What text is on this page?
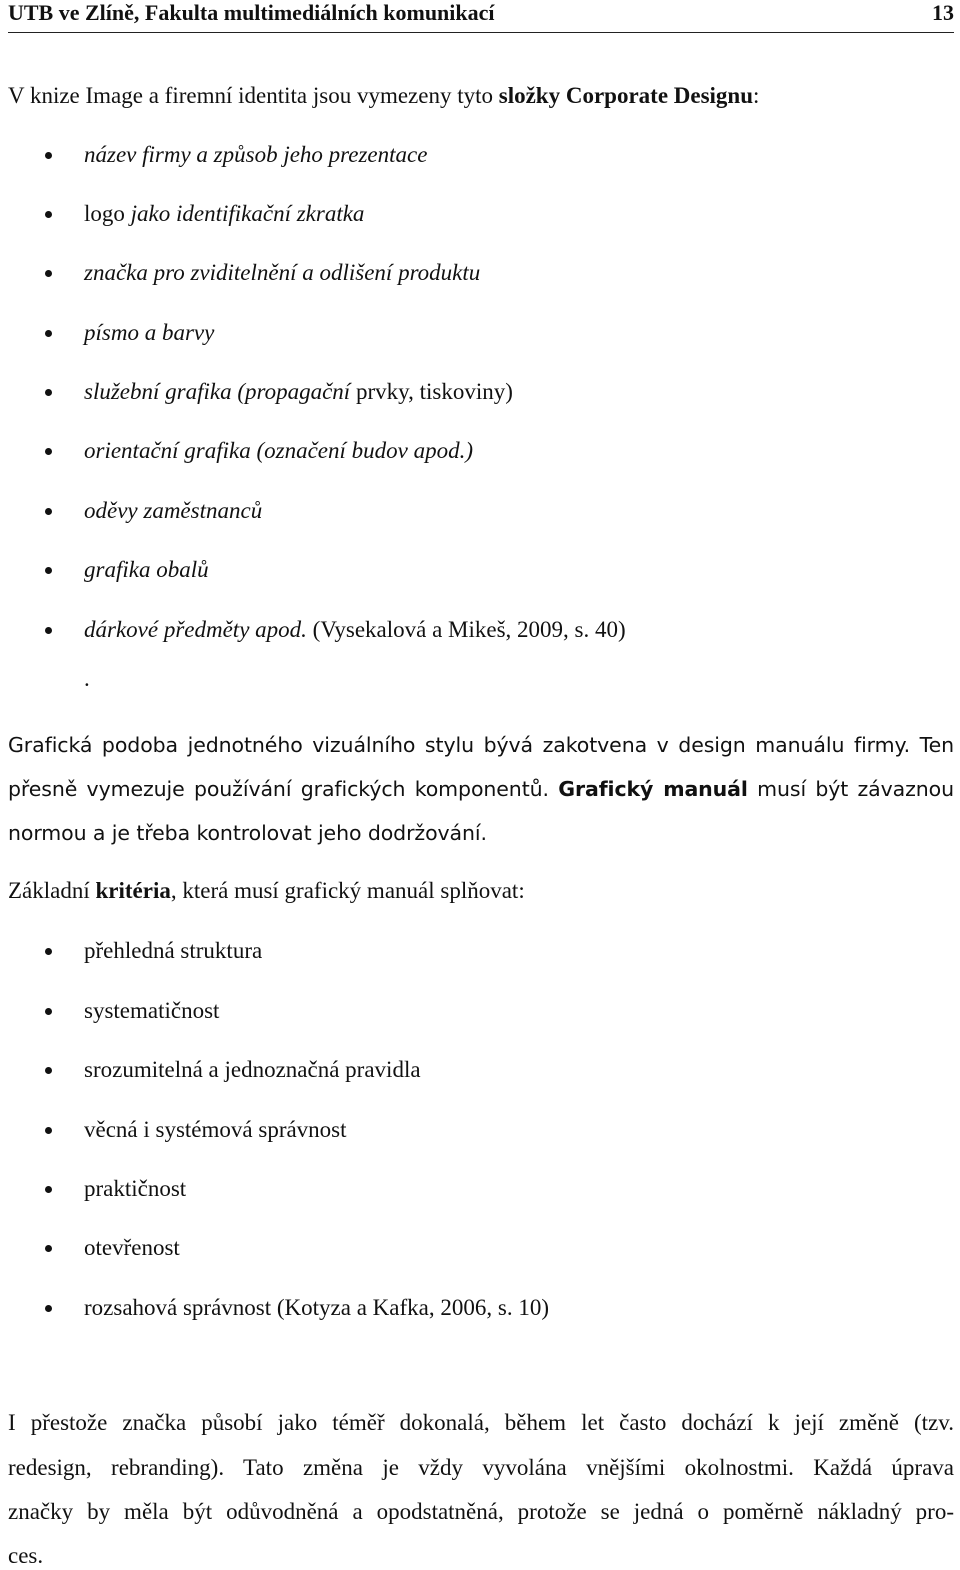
UTB ve Zlíně, Fakulta multimediálních komunikací	13
V knize Image a firemní identita jsou vymezeny tyto složky Corporate Designu:
název firmy a způsob jeho prezentace
logo jako identifikační zkratka
značka pro zviditelnění a odlišení produktu
písmo a barvy
služební grafika (propagační prvky, tiskoviny)
orientační grafika (označení budov apod.)
oděvy zaměstnanců
grafika obalů
dárkové předměty apod. (Vysekalová a Mikeš, 2009, s. 40)
.
Grafická podoba jednotného vizuálního stylu bývá zakotvena v design manuálu firmy. Ten
přesně vymezuje používání grafických komponentů. Grafický manuál musí být závaznou
normou a je třeba kontrolovat jeho dodržování.
Základní kritéria, která musí grafický manuál splňovat:
přehledná struktura
systematičnost
srozumitelná a jednoznačná pravidla
věcná i systémová správnost
praktičnost
otevřenost
rozsahová správnost (Kotyza a Kafka, 2006, s. 10)
I přestože značka působí jako téměř dokonalá, během let často dochází k její změně (tzv.
redesign, rebranding). Tato změna je vždy vyvolána vnějšími okolnostmi. Každá úprava
značky by měla být odůvodněná a opodstatněná, protože se jedná o poměrně nákladný pro-
ces.
